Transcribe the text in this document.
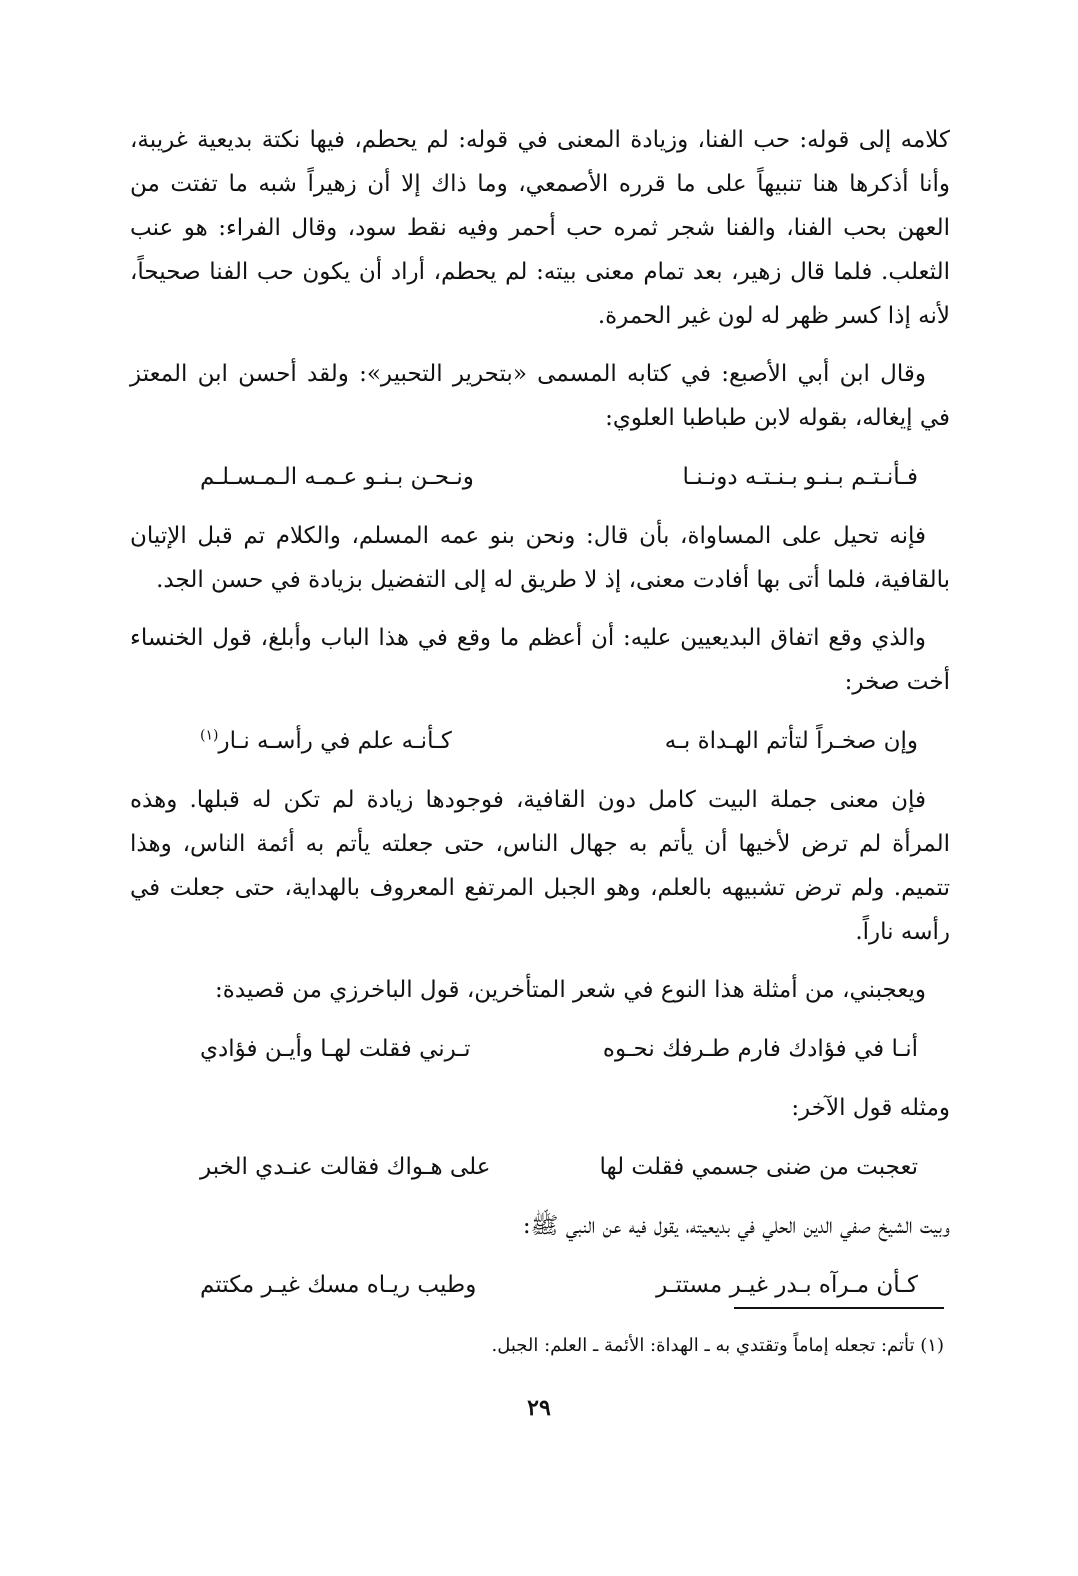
كلامه إلى قوله: حب الفنا، وزيادة المعنى في قوله: لم يحطم، فيها نكتة بديعية غريبة، وأنا أذكرها هنا تنبيهاً على ما قرره الأصمعي، وما ذاك إلا أن زهيراً شبه ما تفتت من العهن بحب الفنا، والفنا شجر ثمره حب أحمر وفيه نقط سود، وقال الفراء: هو عنب الثعلب. فلما قال زهير، بعد تمام معنى بيته: لم يحطم، أراد أن يكون حب الفنا صحيحاً، لأنه إذا كسر ظهر له لون غير الحمرة.

وقال ابن أبي الأصبع: في كتابه المسمى «بتحرير التحبير»: ولقد أحسن ابن المعتز في إيغاله، بقوله لابن طباطبا العلوي:

فـأنـتـم بـنـو بـنـتـه دونـنـا
ونـحـن بـنـو عـمـه الـمـسـلـم

فإنه تحيل على المساواة، بأن قال: ونحن بنو عمه المسلم، والكلام تم قبل الإتيان بالقافية، فلما أتى بها أفادت معنى، إذ لا طريق له إلى التفضيل بزيادة في حسن الجد.

والذي وقع اتفاق البديعيين عليه: أن أعظم ما وقع في هذا الباب وأبلغ، قول الخنساء أخت صخر:

وإن صخـراً لتأتم الهـداة بـه
كـأنـه علم في رأسـه نـار$^{(١)}$

فإن معنى جملة البيت كامل دون القافية، فوجودها زيادة لم تكن له قبلها. وهذه المرأة لم ترض لأخيها أن يأتم به جهال الناس، حتى جعلته يأتم به أئمة الناس، وهذا تتميم. ولم ترض تشبيهه بالعلم، وهو الجبل المرتفع المعروف بالهداية، حتى جعلت في رأسه ناراً.

ويعجبني، من أمثلة هذا النوع في شعر المتأخرين، قول الباخرزي من قصيدة:

أنـا في فؤادك فارم طـرفك نحـوه
تـرني فقلت لهـا وأيـن فؤادي

ومثله قول الآخر:

تعجبت من ضنى جسمي فقلت لها
على هـواك فقالت عنـدي الخبر

وبيت الشيخ صفي الدين الحلي في بديعيته، يقول فيه عن النبي ﷺ:

كـأن مـرآه بـدر غيـر مستتـر
وطيب ريـاه مسك غيـر مكتتم
(١) تأتم: تجعله إماماً وتقتدي به ـ الهداة: الأئمة ـ العلم: الجبل.
٢٩
